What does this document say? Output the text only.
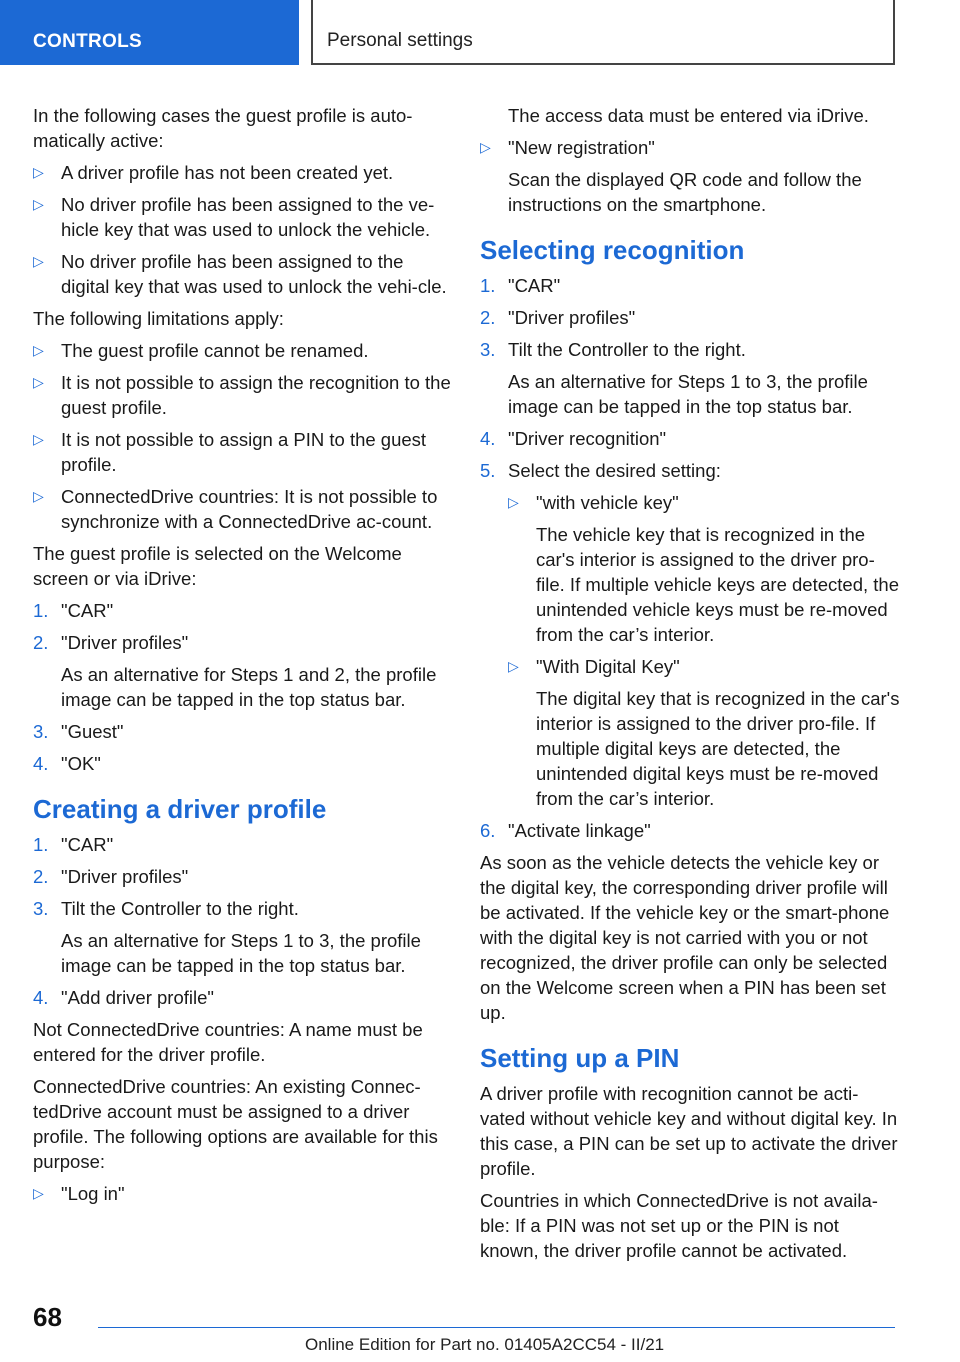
CONTROLS	Personal settings

In the following cases the guest profile is auto-matically active:

▷ A driver profile has not been created yet.
▷ No driver profile has been assigned to the ve-hicle key that was used to unlock the vehicle.
▷ No driver profile has been assigned to the digital key that was used to unlock the vehi-cle.

The following limitations apply:

▷ The guest profile cannot be renamed.
▷ It is not possible to assign the recognition to the guest profile.
▷ It is not possible to assign a PIN to the guest profile.
▷ ConnectedDrive countries: It is not possible to synchronize with a ConnectedDrive ac-count.

The guest profile is selected on the Welcome screen or via iDrive:

1. "CAR"
2. "Driver profiles"
As an alternative for Steps 1 and 2, the profile image can be tapped in the top status bar.
3. "Guest"
4. "OK"
Creating a driver profile
1. "CAR"
2. "Driver profiles"
3. Tilt the Controller to the right.
As an alternative for Steps 1 to 3, the profile image can be tapped in the top status bar.
4. "Add driver profile"

Not ConnectedDrive countries: A name must be entered for the driver profile.

ConnectedDrive countries: An existing Connec-tedDrive account must be assigned to a driver profile. The following options are available for this purpose:

▷ "Log in"

The access data must be entered via iDrive.

▷ "New registration"
Scan the displayed QR code and follow the instructions on the smartphone.
Selecting recognition
1. "CAR"
2. "Driver profiles"
3. Tilt the Controller to the right.
As an alternative for Steps 1 to 3, the profile image can be tapped in the top status bar.
4. "Driver recognition"
5. Select the desired setting:
▷ "with vehicle key"
The vehicle key that is recognized in the car's interior is assigned to the driver pro-file. If multiple vehicle keys are detected, the unintended vehicle keys must be re-moved from the car’s interior.
▷ "With Digital Key"
The digital key that is recognized in the car's interior is assigned to the driver pro-file. If multiple digital keys are detected, the unintended digital keys must be re-moved from the car’s interior.
6. "Activate linkage"

As soon as the vehicle detects the vehicle key or the digital key, the corresponding driver profile will be activated. If the vehicle key or the smart-phone with the digital key is not carried with you or not recognized, the driver profile can only be selected on the Welcome screen when a PIN has been set up.

Setting up a PIN

A driver profile with recognition cannot be acti-vated without vehicle key and without digital key. In this case, a PIN can be set up to activate the driver profile.

Countries in which ConnectedDrive is not availa-ble: If a PIN was not set up or the PIN is not known, the driver profile cannot be activated.

68
Online Edition for Part no. 01405A2CC54 - II/21
